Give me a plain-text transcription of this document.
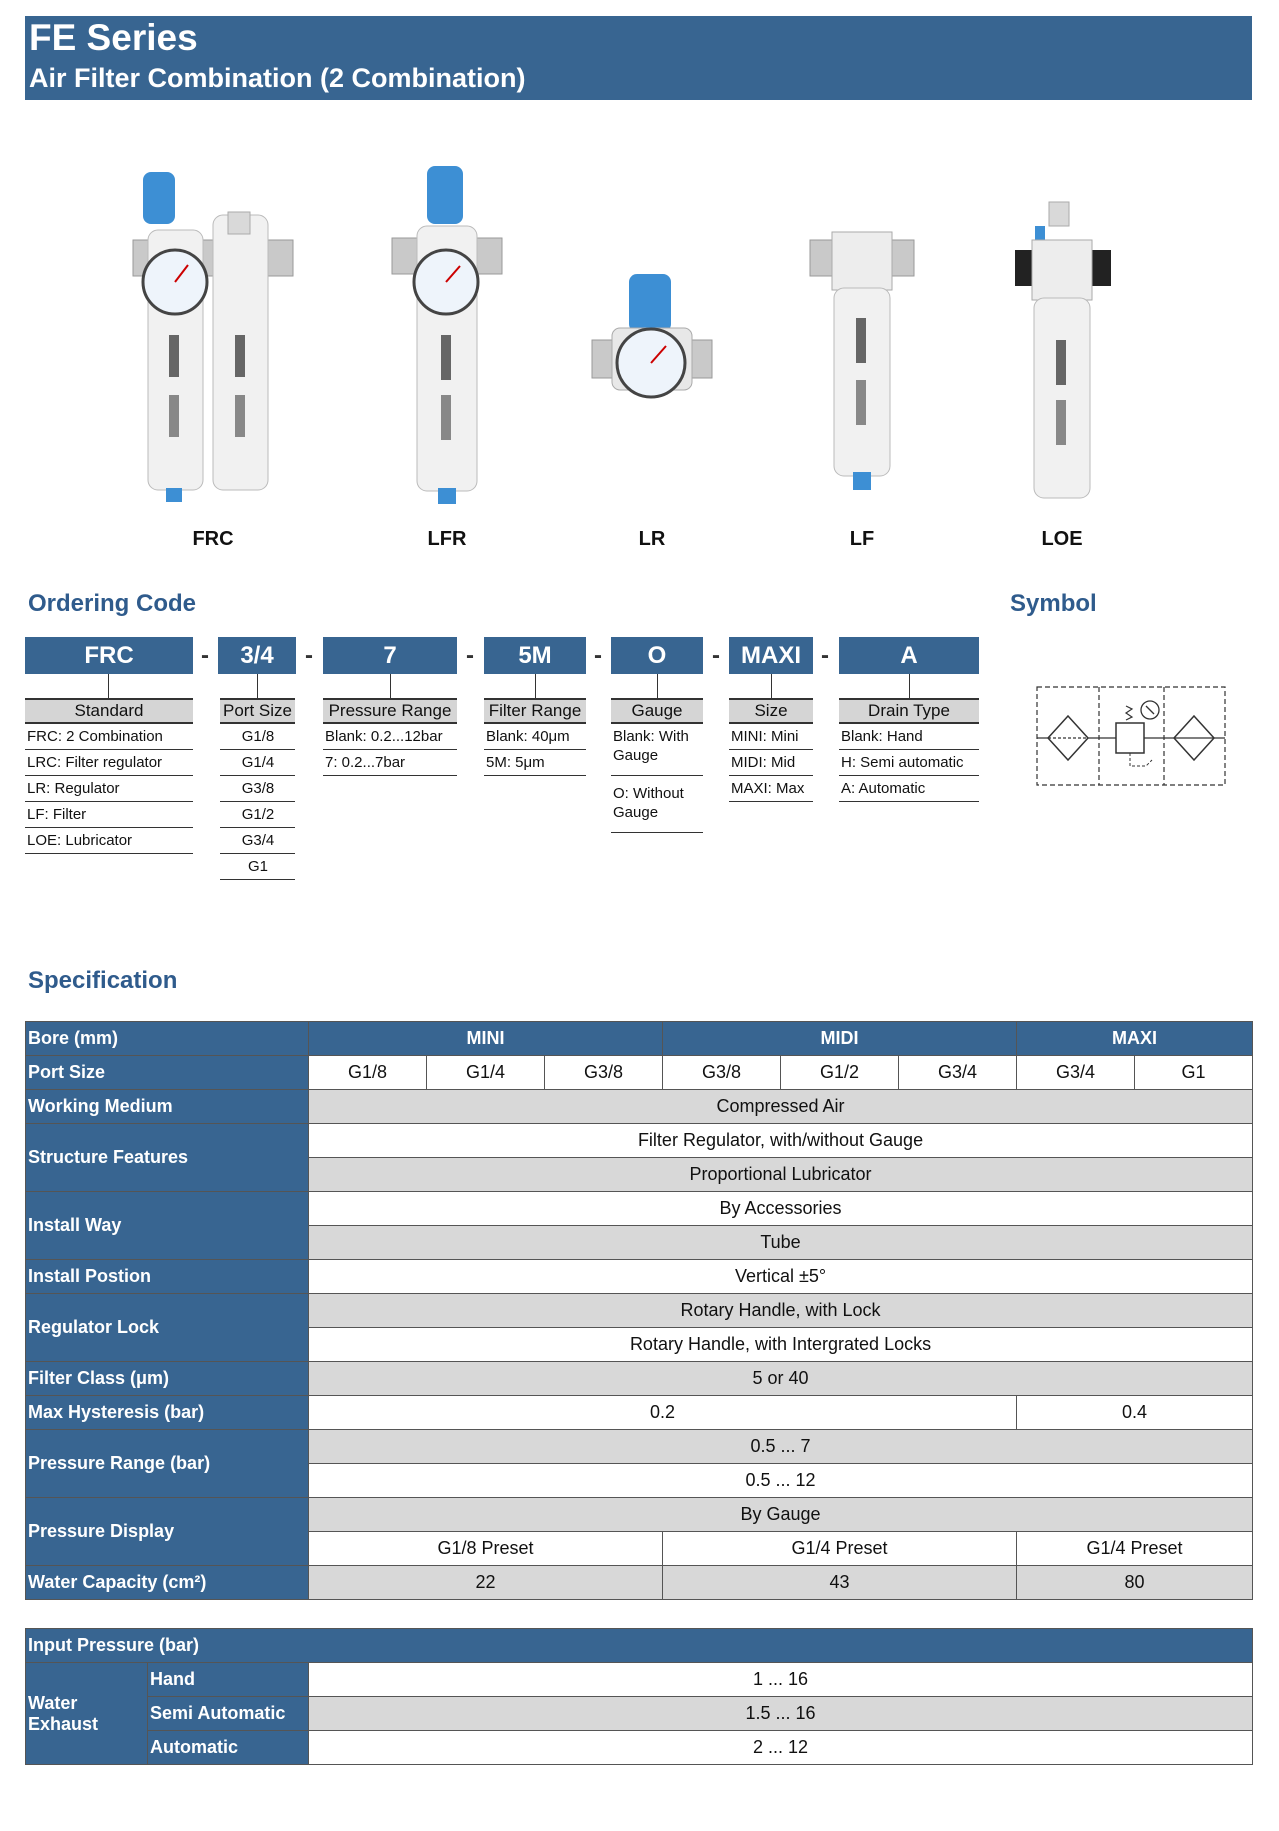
FE Series
Air Filter Combination (2 Combination)
FRC	LFR	LR	LF	LOE
Ordering Code	Symbol
FRC	-	3/4	-	7	-	5M	-	O	- MAXI -	A
Standard
FRC: 2 Combination
LRC: Filter regulator
LR: Regulator
LF: Filter
LOE: Lubricator
Port Size
G1/8
G1/4
G3/8
G1/2
G3/4
G1
Pressure Range
Blank: 0.2...12bar
7: 0.2...7bar
Filter Range
Blank: 40μm
5M: 5μm
Gauge
Blank: With Gauge
O: Without Gauge
Size
MINI: Mini
MIDI: Mid
MAXI: Max
Drain Type
Blank: Hand
H: Semi automatic
A: Automatic
Specification
Bore (mm)	MINI			MIDI			MAXI	
Port Size	G1/8	G1/4	G3/8	G3/8	G1/2	G3/4	G3/4	G1
Working Medium	Compressed Air							
Structure Features	Filter Regulator, with/without Gauge							
	Proportional Lubricator							
Install Way	By Accessories							
	Tube							
Install Postion	Vertical ±5°							
Regulator Lock	Rotary Handle, with Lock							
	Rotary Handle, with Intergrated Locks							
Filter Class (μm)	5 or 40							
Max Hysteresis (bar)	0.2						0.4	
Pressure Range (bar)	0.5 ... 7							
	0.5 ... 12							
Pressure Display	By Gauge							
	G1/8 Preset			G1/4 Preset			G1/4 Preset	
Water Capacity (cm²)	22			43			80	
Input Pressure (bar)		
Water Exhaust	Hand	1 ... 16
	Semi Automatic	1.5 ... 16
	Automatic	2 ... 12
